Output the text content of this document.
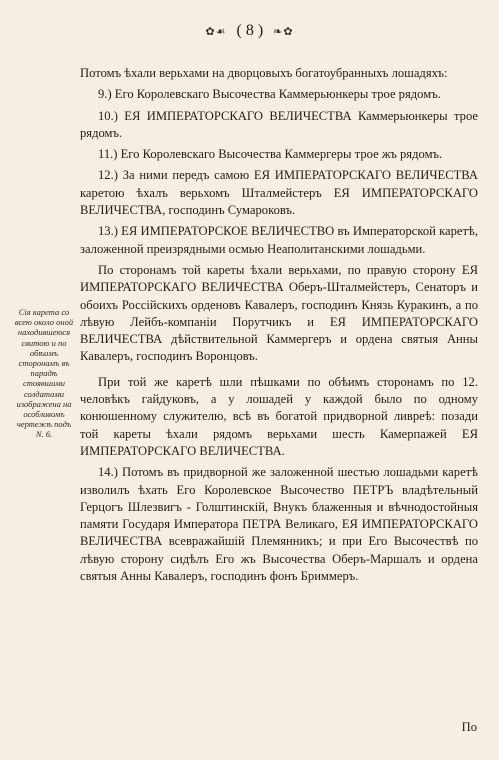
✿☙ ( 8 ) ❧✿
Сія карета со всею около оной находившеюся свитою и по обѣимъ сторонамъ въ парадѣ стоявшими солдатами изображена на особливомъ чертежѣ подъ N. 6.

Потомъ ѣхали верьхами на дворцовыхъ богатоубранныхъ лошадяхъ:

9.) Его Королевскаго Высочества Каммерьюнкеры трое рядомъ.

10.) ЕЯ ИМПЕРАТОРСКАГО ВЕЛИЧЕСТВА Каммерьюнкеры трое рядомъ.

11.) Его Королевскаго Высочества Каммергеры трое жъ рядомъ.

12.) За ними передъ самою ЕЯ ИМПЕРАТОРСКАГО ВЕЛИЧЕСТВА каретою ѣхалъ верьхомъ Шталмейстеръ ЕЯ ИМПЕРАТОРСКАГО ВЕЛИЧЕСТВА, господинъ Сумароковъ.

13.) ЕЯ ИМПЕРАТОРСКОЕ ВЕЛИЧЕСТВО въ Императорской каретѣ, заложенной преизрядными осмью Неаполитанскими лошадьми.

По сторонамъ той кареты ѣхали верьхами, по правую сторону ЕЯ ИМПЕРАТОРСКАГО ВЕЛИЧЕСТВА Оберъ-Шталмейстеръ, Сенаторъ и обоихъ Россійскихъ орденовъ Кавалеръ, господинъ Князь Куракинъ, а по лѣвую Лейбъ-компаніи Порутчикъ и ЕЯ ИМПЕРАТОРСКАГО ВЕЛИЧЕСТВА дѣйствительной Каммергеръ и ордена святыя Анны Кавалеръ, господинъ Воронцовъ.

При той же каретѣ шли пѣшками по обѣимъ сторонамъ по 12. человѣкъ гайдуковъ, а у лошадей у каждой было по одному конюшенному служителю, всѣ въ богатой придворной ливреѣ: позади той кареты ѣхали рядомъ верьхами шесть Камерпажей ЕЯ ИМПЕРАТОРСКАГО ВЕЛИЧЕСТВА.

14.) Потомъ въ придворной же заложенной шестью лошадьми каретѣ изволилъ ѣхать Его Королевское Высочество ПЕТРЪ владѣтельный Герцогъ Шлезвигъ - Голштинскій, Внукъ блаженныя и вѣчнодостойныя памяти Государя Императора ПЕТРА Великаго, ЕЯ ИМПЕРАТОРСКАГО ВЕЛИЧЕСТВА всевражайшій Племянникъ; и при Его Высочествѣ по лѣвую сторону сидѣлъ Его жъ Высочества Оберъ-Маршалъ и ордена святыя Анны Кавалеръ, господинъ фонъ Бриммеръ.

По
